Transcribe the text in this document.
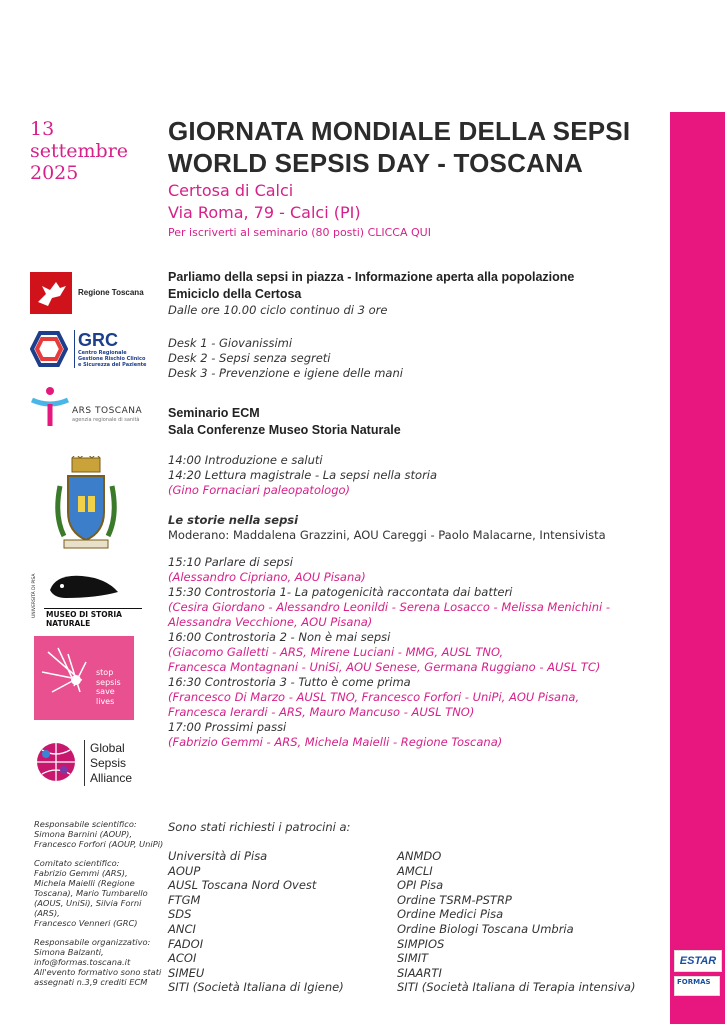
13
settembre
2025
GIORNATA MONDIALE DELLA SEPSI
WORLD SEPSIS DAY - TOSCANA
Certosa di Calci
Via Roma, 79 - Calci (PI)
Per iscriverti al seminario (80 posti) CLICCA QUI
ESTAR
FORMAS
Regione Toscana
GRC
Centro Regionale
Gestione Rischio Clinico
e Sicurezza del Paziente
ARS TOSCANA
agenzia regionale di sanità
UNIVERSITÀ DI PISA	MUSEO DI STORIA NATURALE
stop
sepsis
save
lives
Global
Sepsis
Alliance
Parliamo della sepsi in piazza - Informazione aperta alla popolazione
Emiciclo della Certosa
Dalle ore 10.00 ciclo continuo di 3 ore
Desk 1 - Giovanissimi
Desk 2 - Sepsi senza segreti
Desk 3 - Prevenzione e igiene delle mani
Seminario ECM
Sala Conferenze Museo Storia Naturale
14:00 Introduzione e saluti
14:20 Lettura magistrale - La sepsi nella storia
(Gino Fornaciari paleopatologo)
Le storie nella sepsi
Moderano: Maddalena Grazzini, AOU Careggi - Paolo Malacarne, Intensivista
15:10 Parlare di sepsi
(Alessandro Cipriano, AOU Pisana)
15:30 Controstoria 1- La patogenicità raccontata dai batteri
(Cesira Giordano - Alessandro Leonildi - Serena Losacco - Melissa Menichini -
Alessandra Vecchione, AOU Pisana)
16:00 Controstoria 2 - Non è mai sepsi
(Giacomo Galletti - ARS, Mirene Luciani - MMG, AUSL TNO,
Francesca Montagnani - UniSi, AOU Senese, Germana Ruggiano - AUSL TC)
16:30 Controstoria 3 - Tutto è come prima
(Francesco Di Marzo - AUSL TNO, Francesco Forfori - UniPi, AOU Pisana,
Francesca Ierardi - ARS, Mauro Mancuso - AUSL TNO)
17:00 Prossimi passi
(Fabrizio Gemmi - ARS, Michela Maielli - Regione Toscana)
Responsabile scientifico:
Simona Barnini (AOUP),
Francesco Forfori (AOUP, UniPi)
Comitato scientifico:
Fabrizio Gemmi (ARS),
Michela Maielli (Regione
Toscana), Mario Tumbarello
(AOUS, UniSi), Silvia Forni (ARS),
Francesco Venneri (GRC)
Responsabile organizzativo:
Simona Balzanti,
info@formas.toscana.it
All'evento formativo sono stati
assegnati n.3,9 crediti ECM
Sono stati richiesti i patrocini a:
Università di Pisa
AOUP
AUSL Toscana Nord Ovest
FTGM
SDS
ANCI
FADOI
ACOI
SIMEU
SITI (Società Italiana di Igiene)
ANMDO
AMCLI
OPI Pisa
Ordine TSRM-PSTRP
Ordine Medici Pisa
Ordine Biologi Toscana Umbria
SIMPIOS
SIMIT
SIAARTI
SITI (Società Italiana di Terapia intensiva)
